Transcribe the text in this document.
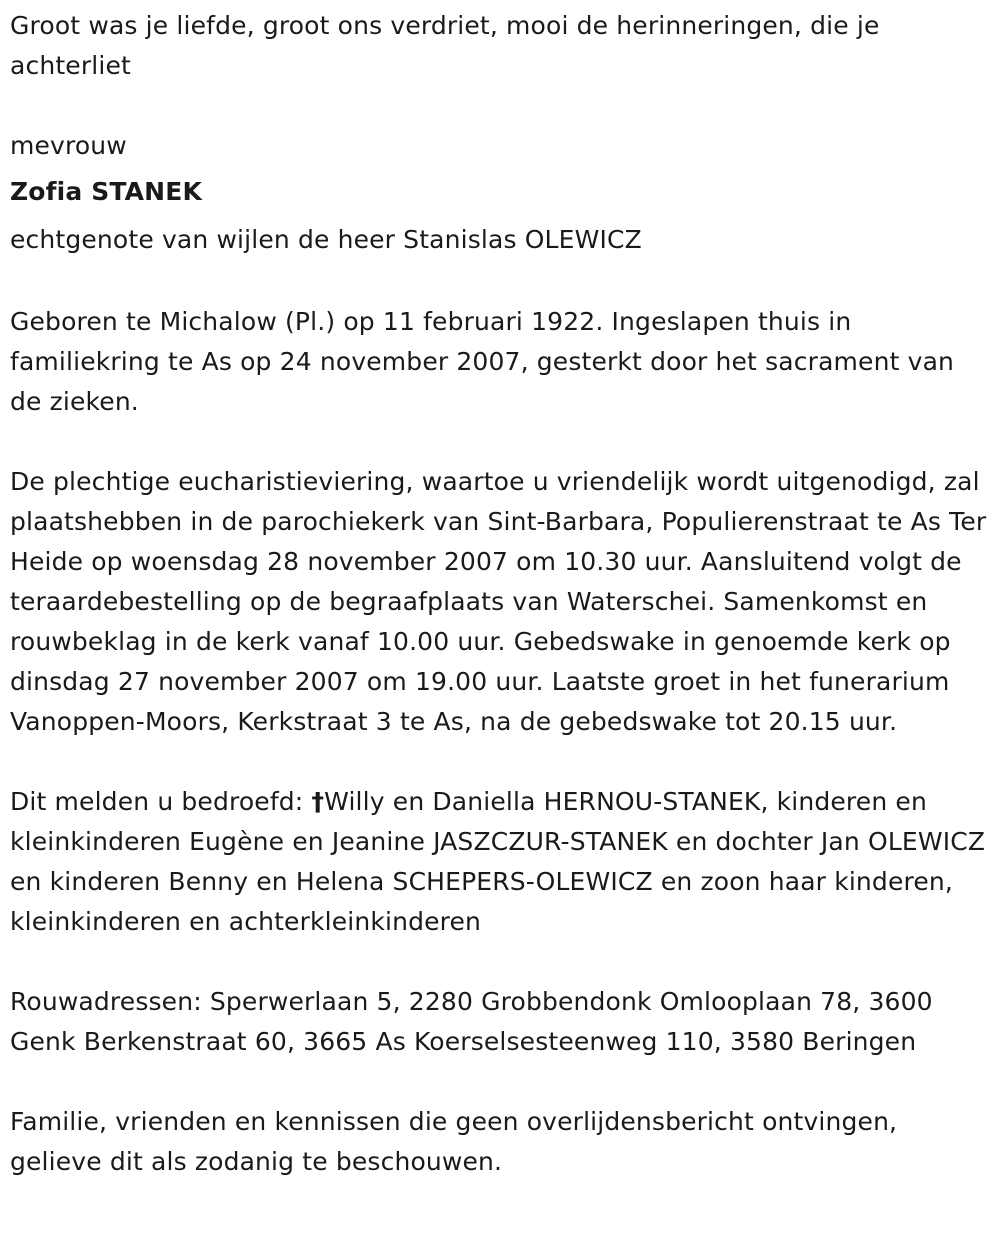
Groot was je liefde, groot ons verdriet, mooi de herinneringen, die je achterliet

mevrouw

Zofia STANEK

echtgenote van wijlen de heer Stanislas OLEWICZ

Geboren te Michalow (Pl.) op 11 februari 1922. Ingeslapen thuis in familiekring te As op 24 november 2007, gesterkt door het sacrament van de zieken.

De plechtige eucharistieviering, waartoe u vriendelijk wordt uitgenodigd, zal plaatshebben in de parochiekerk van Sint-Barbara, Populierenstraat te As Ter Heide op woensdag 28 november 2007 om 10.30 uur. Aansluitend volgt de teraardebestelling op de begraafplaats van Waterschei. Samenkomst en rouwbeklag in de kerk vanaf 10.00 uur. Gebedswake in genoemde kerk op dinsdag 27 november 2007 om 19.00 uur. Laatste groet in het funerarium Vanoppen-Moors, Kerkstraat 3 te As, na de gebedswake tot 20.15 uur.

Dit melden u bedroefd: †Willy en Daniella HERNOU-STANEK, kinderen en kleinkinderen Eugène en Jeanine JASZCZUR-STANEK en dochter Jan OLEWICZ en kinderen Benny en Helena SCHEPERS-OLEWICZ en zoon haar kinderen, kleinkinderen en achterkleinkinderen

Rouwadressen: Sperwerlaan 5, 2280 Grobbendonk Omlooplaan 78, 3600 Genk Berkenstraat 60, 3665 As Koerselsesteenweg 110, 3580 Beringen

Familie, vrienden en kennissen die geen overlijdensbericht ontvingen, gelieve dit als zodanig te beschouwen.
